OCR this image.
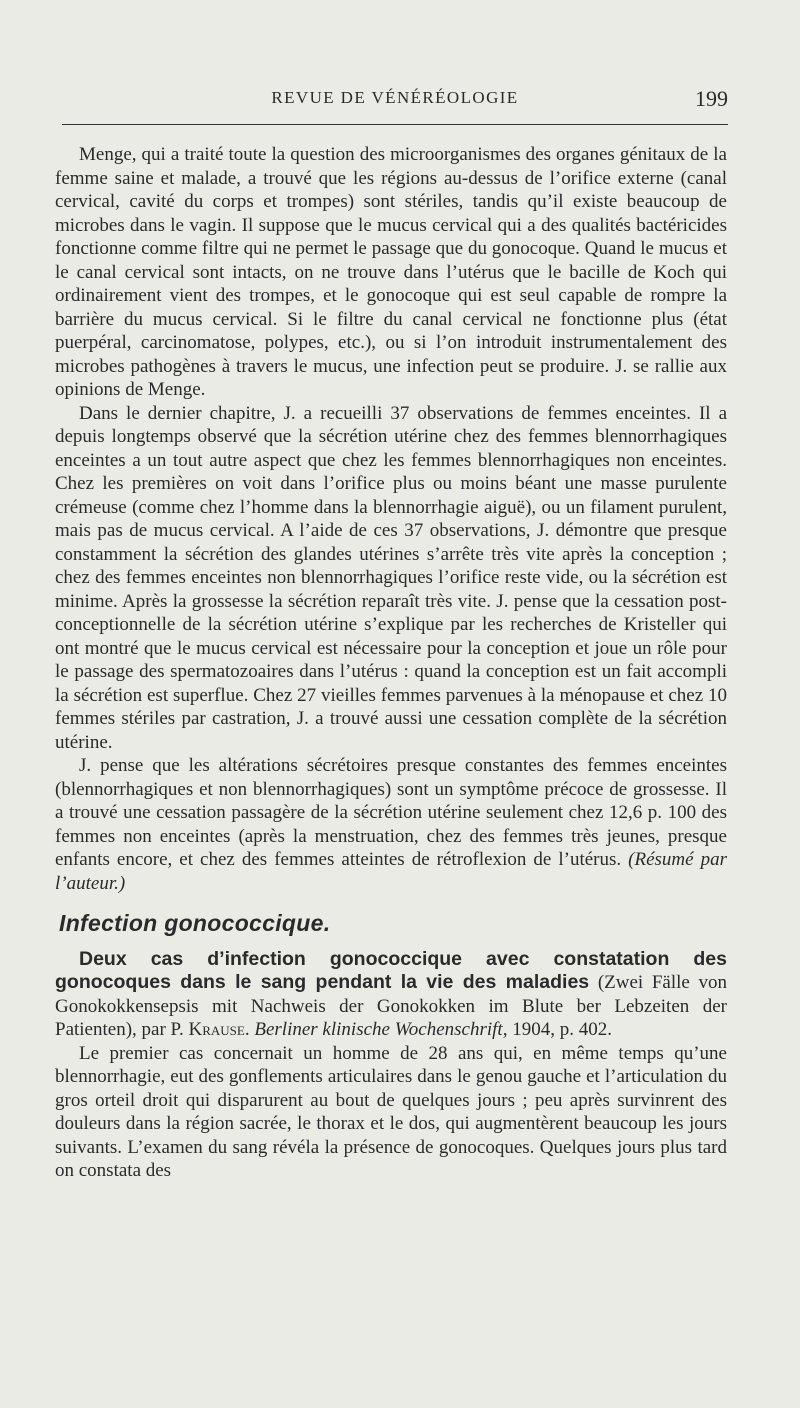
REVUE DE VÉNÉRÉOLOGIE	199

Menge, qui a traité toute la question des microorganismes des organes génitaux de la femme saine et malade, a trouvé que les régions au-dessus de l’orifice externe (canal cervical, cavité du corps et trompes) sont stériles, tandis qu’il existe beaucoup de microbes dans le vagin. Il suppose que le mucus cervical qui a des qualités bactéricides fonctionne comme filtre qui ne permet le passage que du gonocoque. Quand le mucus et le canal cervical sont intacts, on ne trouve dans l’utérus que le bacille de Koch qui ordinairement vient des trompes, et le gonocoque qui est seul capable de rompre la barrière du mucus cervical. Si le filtre du canal cervical ne fonctionne plus (état puerpéral, carcinomatose, polypes, etc.), ou si l’on introduit instrumentalement des microbes pathogènes à travers le mucus, une infection peut se produire. J. se rallie aux opinions de Menge.

Dans le dernier chapitre, J. a recueilli 37 observations de femmes enceintes. Il a depuis longtemps observé que la sécrétion utérine chez des femmes blennorrhagiques enceintes a un tout autre aspect que chez les femmes blennorrhagiques non enceintes. Chez les premières on voit dans l’orifice plus ou moins béant une masse purulente crémeuse (comme chez l’homme dans la blennorrhagie aiguë), ou un filament purulent, mais pas de mucus cervical. A l’aide de ces 37 observations, J. démontre que presque constamment la sécrétion des glandes utérines s’arrête très vite après la conception ; chez des femmes enceintes non blennorrhagiques l’orifice reste vide, ou la sécrétion est minime. Après la grossesse la sécrétion reparaît très vite. J. pense que la cessation post-conceptionnelle de la sécrétion utérine s’explique par les recherches de Kristeller qui ont montré que le mucus cervical est nécessaire pour la conception et joue un rôle pour le passage des spermatozoaires dans l’utérus : quand la conception est un fait accompli la sécrétion est superflue. Chez 27 vieilles femmes parvenues à la ménopause et chez 10 femmes stériles par castration, J. a trouvé aussi une cessation complète de la sécrétion utérine.

J. pense que les altérations sécrétoires presque constantes des femmes enceintes (blennorrhagiques et non blennorrhagiques) sont un symptôme précoce de grossesse. Il a trouvé une cessation passagère de la sécrétion utérine seulement chez 12,6 p. 100 des femmes non enceintes (après la menstruation, chez des femmes très jeunes, presque enfants encore, et chez des femmes atteintes de rétroflexion de l’utérus. (Résumé par l’auteur.)

Infection gonococcique.

Deux cas d’infection gonococcique avec constatation des gonocoques dans le sang pendant la vie des maladies (Zwei Fälle von Gonokokkensepsis mit Nachweis der Gonokokken im Blute ber Lebzeiten der Patienten), par P. Krause. Berliner klinische Wochenschrift, 1904, p. 402.

Le premier cas concernait un homme de 28 ans qui, en même temps qu’une blennorrhagie, eut des gonflements articulaires dans le genou gauche et l’articulation du gros orteil droit qui disparurent au bout de quelques jours ; peu après survinrent des douleurs dans la région sacrée, le thorax et le dos, qui augmentèrent beaucoup les jours suivants. L’examen du sang révéla la présence de gonocoques. Quelques jours plus tard on constata des
